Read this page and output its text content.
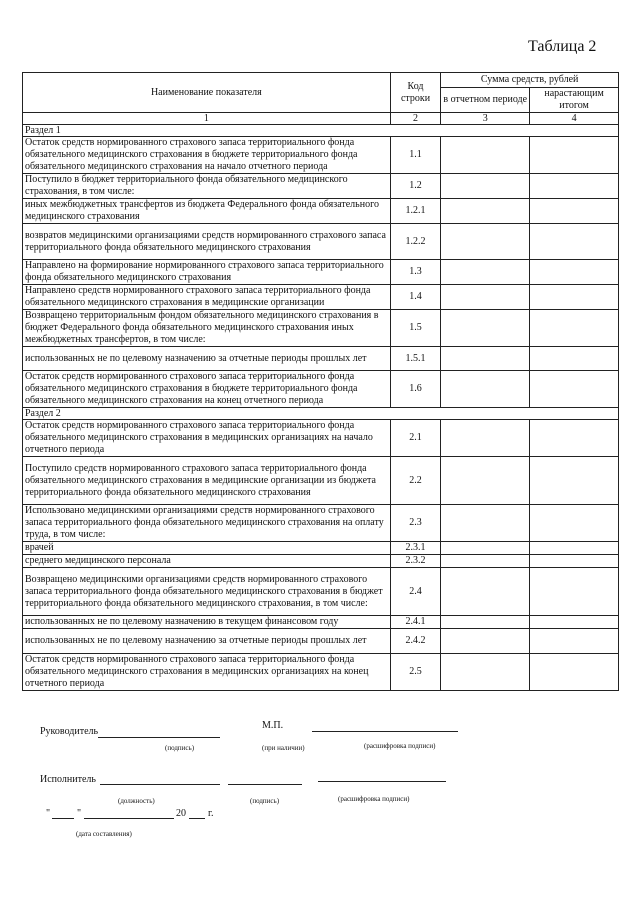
Таблица 2
Наименование показателя	Код строки	Сумма средств, рублей	
		в отчетном периоде	нарастающим итогом
1	2	3	4
Раздел 1			
Остаток средств нормированного страхового запаса территориального фонда обязательного медицинского страхования в бюджете территориального фонда обязательного медицинского страхования на начало отчетного периода	1.1		
Поступило в бюджет территориального фонда обязательного медицинского страхования, в том числе:	1.2		
иных межбюджетных трансфертов из бюджета Федерального фонда обязательного медицинского страхования	1.2.1		
возвратов медицинскими организациями средств нормированного страхового запаса территориального фонда обязательного медицинского страхования	1.2.2		
Направлено на формирование нормированного страхового запаса территориального фонда обязательного медицинского страхования	1.3		
Направлено средств нормированного страхового запаса территориального фонда обязательного медицинского страхования в медицинские организации	1.4		
Возвращено территориальным фондом обязательного медицинского страхования в бюджет Федерального фонда обязательного медицинского страхования иных межбюджетных трансфертов, в том числе:	1.5		
использованных не по целевому назначению за отчетные периоды прошлых лет	1.5.1		
Остаток средств нормированного страхового запаса территориального фонда обязательного медицинского страхования в бюджете территориального фонда обязательного медицинского страхования на конец отчетного периода	1.6		
Раздел 2			
Остаток средств нормированного страхового запаса территориального фонда обязательного медицинского страхования в медицинских организациях на начало отчетного периода	2.1		
Поступило средств нормированного страхового запаса территориального фонда обязательного медицинского страхования в медицинские организации из бюджета территориального фонда обязательного медицинского страхования	2.2		
Использовано медицинскими организациями средств нормированного страхового запаса территориального фонда обязательного медицинского страхования на оплату труда, в том числе:	2.3		
врачей	2.3.1		
среднего медицинского персонала	2.3.2		
Возвращено медицинскими организациями средств нормированного страхового запаса территориального фонда обязательного медицинского страхования в бюджет территориального фонда обязательного медицинского страхования, в том числе:	2.4		
использованных не по целевому назначению в текущем финансовом году	2.4.1		
использованных не по целевому назначению за отчетные периоды прошлых лет	2.4.2		
Остаток средств нормированного страхового запаса территориального фонда обязательного медицинского страхования в медицинских организациях на конец отчетного периода	2.5		
Руководитель
М.П.
(подпись)	(при наличии)	(расшифровка подписи)
Исполнитель
(должность)	(подпись)	(расшифровка подписи)
"	"	20 г.
(дата составления)
